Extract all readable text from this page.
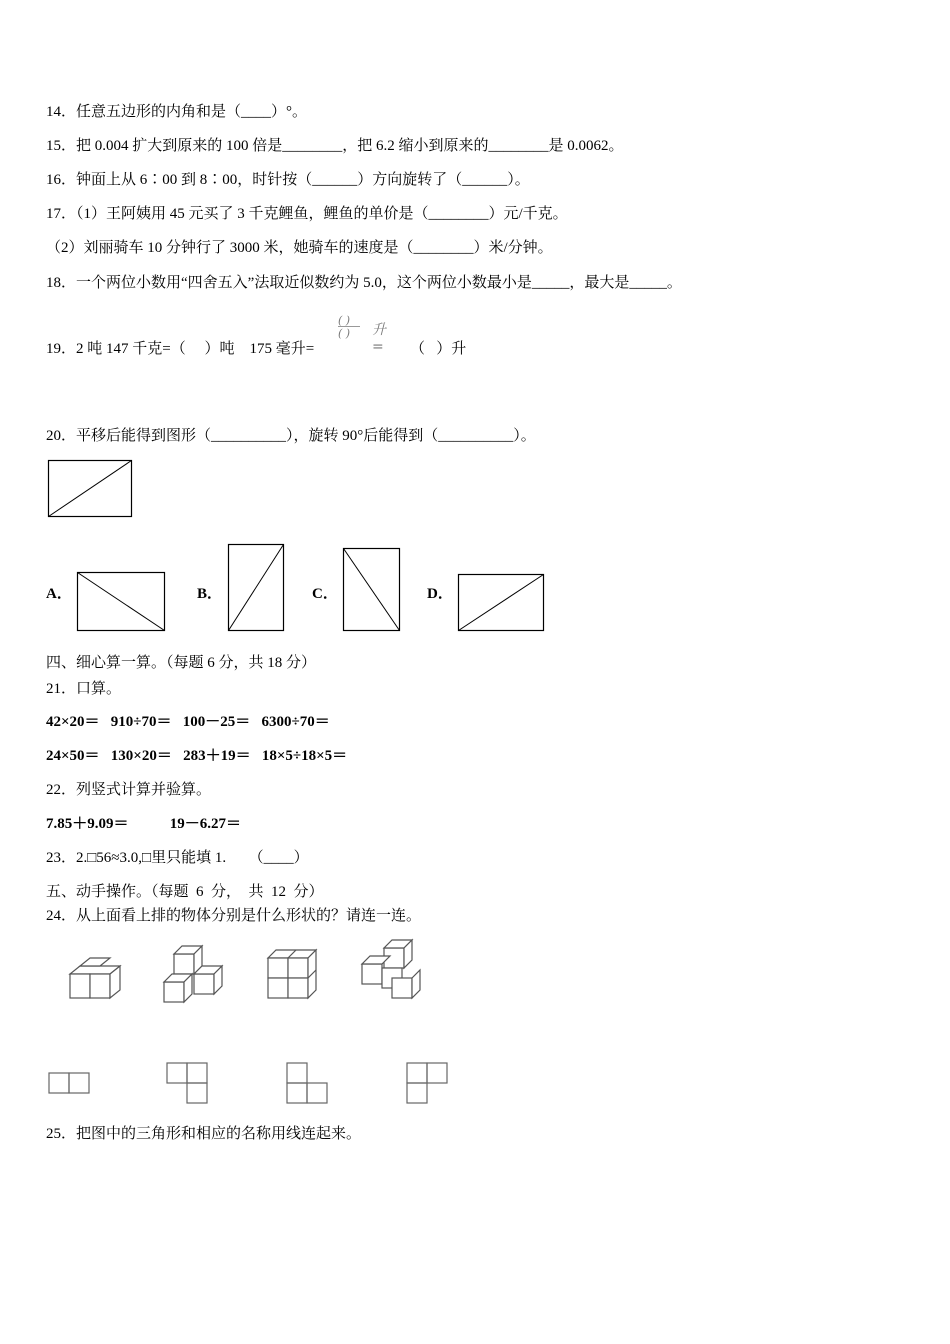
14．任意五边形的内角和是（____）°。
15．把 0.004 扩大到原来的 100 倍是________，把 6.2 缩小到原来的________是 0.0062。
16．钟面上从 6∶00 到 8∶00，时针按（______）方向旋转了（______）。
17．（1）王阿姨用 45 元买了 3 千克鲤鱼，鲤鱼的单价是（________）元/千克。
（2）刘丽骑车 10 分钟行了 3000 米，她骑车的速度是（________）米/分钟。
18．一个两位小数用“四舍五入”法取近似数约为 5.0，这个两位小数最小是_____，最大是_____。
19．2 吨 147 千克=（     ）吨    175 毫升=
( )
( ) 升 = （   ）升
20．平移后能得到图形（__________），旋转 90°后能得到（__________）。
A．	B．	C．	D．
四、细心算一算。（每题 6 分，共 18 分）
21．口算。
42×20＝   910÷70＝   100－25＝   6300÷70＝
24×50＝   130×20＝   283＋19＝   18×5÷18×5＝
22．列竖式计算并验算。
7.85＋9.09＝           19－6.27＝
23．2.□56≈3.0,□里只能填 1.      （____）
五、动手操作。（每题  6  分，  共  12  分）
24．从上面看上排的物体分别是什么形状的？请连一连。
25．把图中的三角形和相应的名称用线连起来。
